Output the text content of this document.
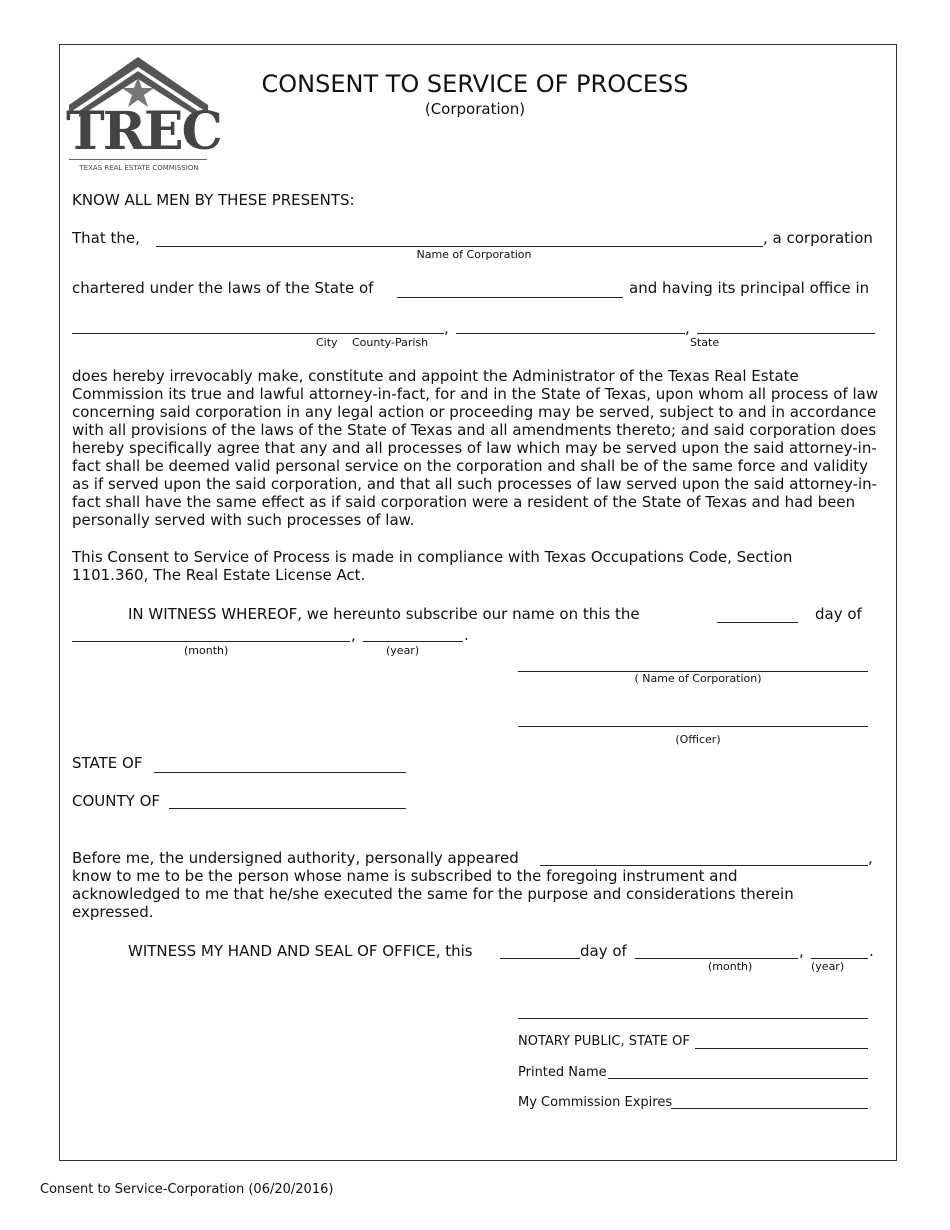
TREC
TEXAS REAL ESTATE COMMISSION
CONSENT TO SERVICE OF PROCESS
(Corporation)
KNOW ALL MEN BY THESE PRESENTS:
That the,	, a corporation
Name of Corporation
chartered under the laws of the State of	and having its principal office in
,	,
City County-Parish	State
does hereby irrevocably make, constitute and appoint the Administrator of the Texas Real Estate Commission its true and lawful attorney-in-fact, for and in the State of Texas, upon whom all process of law concerning said corporation in any legal action or proceeding may be served, subject to and in accordance with all provisions of the laws of the State of Texas and all amendments thereto; and said corporation does hereby specifically agree that any and all processes of law which may be served upon the said attorney-in-fact shall be deemed valid personal service on the corporation and shall be of the same force and validity as if served upon the said corporation, and that all such processes of law served upon the said attorney-in-fact shall have the same effect as if said corporation were a resident of the State of Texas and had been personally served with such processes of law.
This Consent to Service of Process is made in compliance with Texas Occupations Code, Section 1101.360, The Real Estate License Act.
IN WITNESS WHEREOF, we hereunto subscribe our name on this the	day of
,	.
(month)	(year)
( Name of Corporation)
(Officer)
STATE OF
COUNTY OF
Before me, the undersigned authority, personally appeared	,
know to me to be the person whose name is subscribed to the foregoing instrument and acknowledged to me that he/she executed the same for the purpose and considerations therein expressed.
WITNESS MY HAND AND SEAL OF OFFICE, this	day of	,	.
(month)	(year)
NOTARY PUBLIC, STATE OF
Printed Name
My Commission Expires
Consent to Service-Corporation (06/20/2016)
